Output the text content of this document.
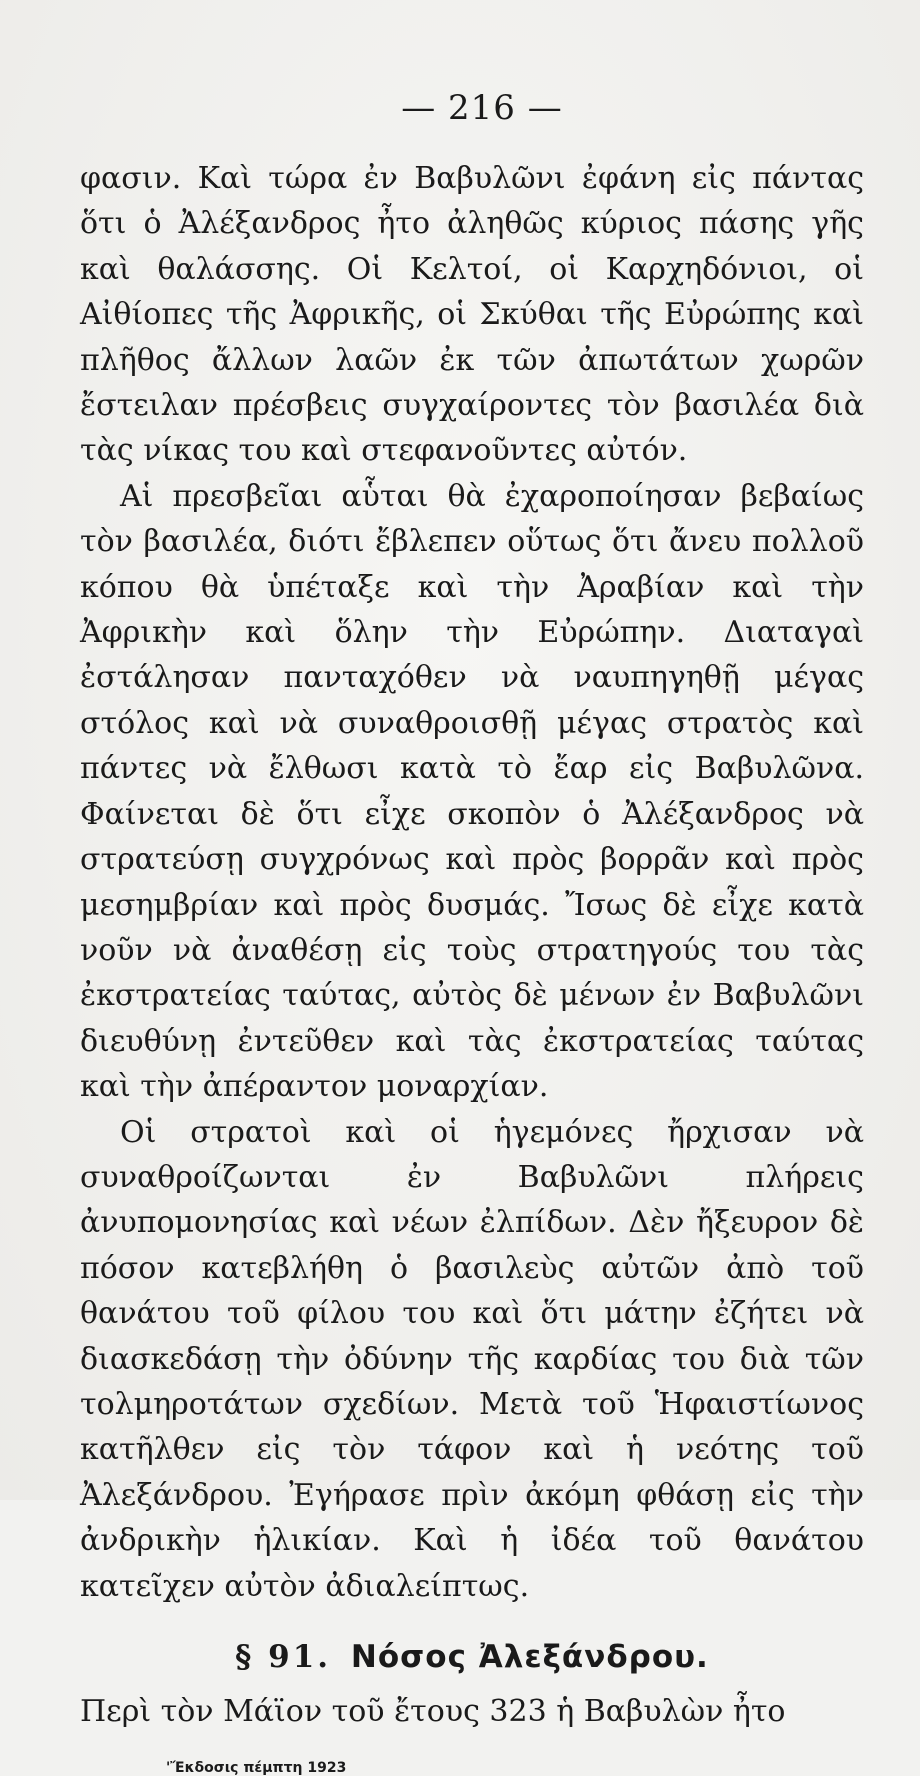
— 216 —

φασιν. Καὶ τώρα ἐν Βαβυλῶνι ἐφάνη εἰς πάντας ὅτι ὁ Ἀλέξανδρος ἦτο ἀληθῶς κύριος πάσης γῆς καὶ θαλάσσης. Οἱ Κελτοί, οἱ Καρχηδόνιοι, οἱ Αἰθίοπες τῆς Ἀφρικῆς, οἱ Σκύθαι τῆς Εὐρώπης καὶ πλῆθος ἄλλων λαῶν ἐκ τῶν ἀπωτάτων χωρῶν ἔστειλαν πρέσβεις συγχαίροντες τὸν βασιλέα διὰ τὰς νίκας του καὶ στεφανοῦντες αὐτόν.

Αἱ πρεσβεῖαι αὗται θὰ ἐχαροποίησαν βεβαίως τὸν βασιλέα, διότι ἔβλεπεν οὕτως ὅτι ἄνευ πολλοῦ κόπου θὰ ὑπέταξε καὶ τὴν Ἀραβίαν καὶ τὴν Ἀφρικὴν καὶ ὅλην τὴν Εὐρώπην. Διαταγαὶ ἐστάλησαν πανταχόθεν νὰ ναυπηγηθῇ μέγας στόλος καὶ νὰ συναθροισθῇ μέγας στρατὸς καὶ πάντες νὰ ἔλθωσι κατὰ τὸ ἔαρ εἰς Βαβυλῶνα. Φαίνεται δὲ ὅτι εἶχε σκοπὸν ὁ Ἀλέξανδρος νὰ στρατεύσῃ συγχρόνως καὶ πρὸς βορρᾶν καὶ πρὸς μεσημβρίαν καὶ πρὸς δυσμάς. Ἴσως δὲ εἶχε κατὰ νοῦν νὰ ἀναθέσῃ εἰς τοὺς στρατηγούς του τὰς ἐκστρατείας ταύτας, αὐτὸς δὲ μένων ἐν Βαβυλῶνι διευθύνῃ ἐντεῦθεν καὶ τὰς ἐκστρατείας ταύτας καὶ τὴν ἀπέραντον μοναρχίαν.

Οἱ στρατοὶ καὶ οἱ ἡγεμόνες ἤρχισαν νὰ συναθροίζωνται ἐν Βαβυλῶνι πλήρεις ἀνυπομονησίας καὶ νέων ἐλπίδων. Δὲν ἤξευρον δὲ πόσον κατεβλήθη ὁ βασιλεὺς αὐτῶν ἀπὸ τοῦ θανάτου τοῦ φίλου του καὶ ὅτι μάτην ἐζήτει νὰ διασκεδάσῃ τὴν ὀδύνην τῆς καρδίας του διὰ τῶν τολμηροτάτων σχεδίων. Μετὰ τοῦ Ἡφαιστίωνος κατῆλθεν εἰς τὸν τάφον καὶ ἡ νεότης τοῦ Ἀλεξάνδρου. Ἐγήρασε πρὶν ἀκόμη φθάσῃ εἰς τὴν ἀνδρικὴν ἡλικίαν. Καὶ ἡ ἰδέα τοῦ θανάτου κατεῖχεν αὐτὸν ἀδιαλείπτως.

§ 91. Νόσος Ἀλεξάνδρου.

Περὶ τὸν Μάϊον τοῦ ἔτους 323 ἡ Βαβυλὼν ἦτο

'Ἔκδοσις πέμπτη 1923
